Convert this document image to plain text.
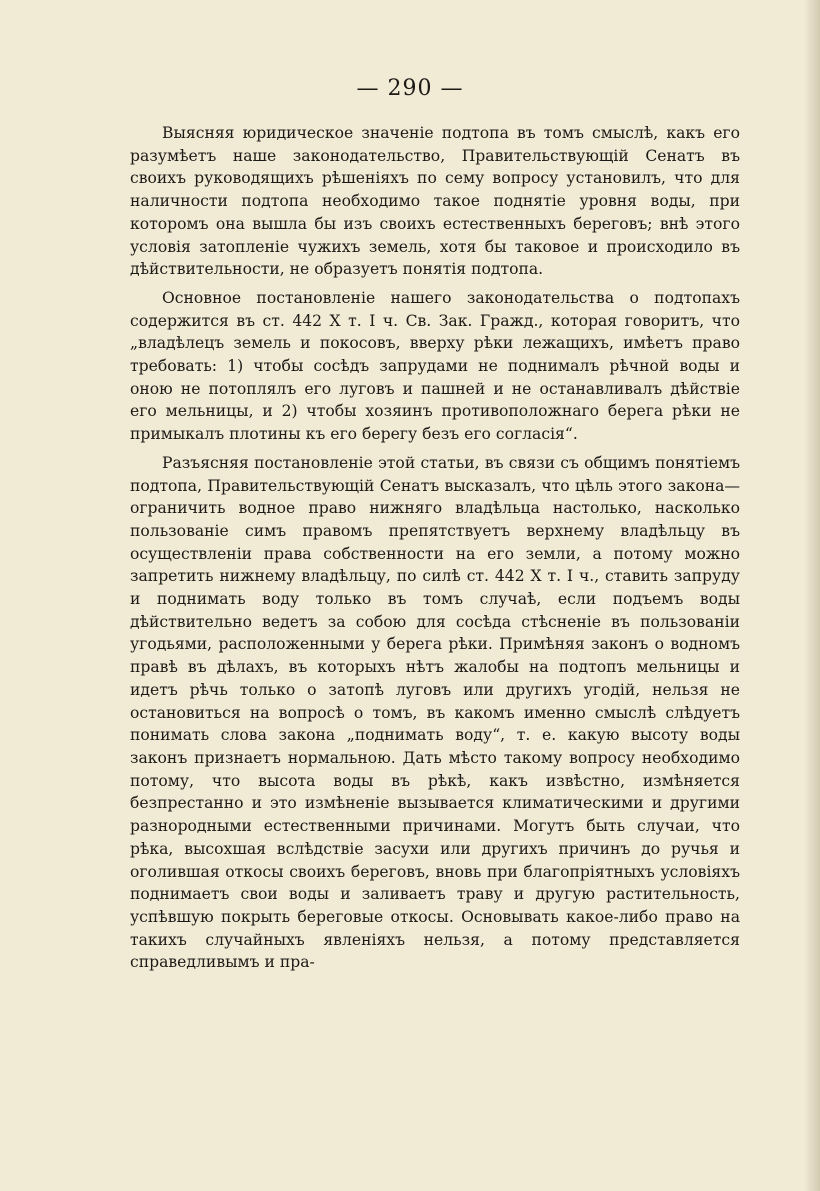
— 290 —

Выясняя юридическое значенiе подтопа въ томъ смыслѣ, какъ его разумѣетъ наше законодательство, Правительствующiй Сенатъ въ своихъ руководящихъ рѣшенiяхъ по сему вопросу установилъ, что для наличности подтопа необходимо такое поднятiе уровня воды, при которомъ она вышла бы изъ своихъ естественныхъ береговъ; внѣ этого условiя затопленiе чужихъ земель, хотя бы таковое и происходило въ дѣйствительности, не образуетъ понятiя подтопа.

Основное постановленiе нашего законодательства о подтопахъ содержится въ ст. 442 X т. I ч. Св. Зак. Гражд., которая говоритъ, что „владѣлецъ земель и покосовъ, вверху рѣки лежащихъ, имѣетъ право требовать: 1) чтобы сосѣдъ запрудами не поднималъ рѣчной воды и оною не потоплялъ его луговъ и пашней и не останавливалъ дѣйствiе его мельницы, и 2) чтобы хозяинъ противоположнаго берега рѣки не примыкалъ плотины къ его берегу безъ его согласiя“.

Разъясняя постановленiе этой статьи, въ связи съ общимъ понятiемъ подтопа, Правительствующiй Сенатъ высказалъ, что цѣль этого закона—ограничить водное право нижняго владѣльца настолько, насколько пользованiе симъ правомъ препятствуетъ верхнему владѣльцу въ осуществленiи права собственности на его земли, а потому можно запретить нижнему владѣльцу, по силѣ ст. 442 X т. I ч., ставить запруду и поднимать воду только въ томъ случаѣ, если подъемъ воды дѣйствительно ведетъ за собою для сосѣда стѣсненiе въ пользованiи угодьями, расположенными у берега рѣки. Примѣняя законъ о водномъ правѣ въ дѣлахъ, въ которыхъ нѣтъ жалобы на подтопъ мельницы и идетъ рѣчь только о затопѣ луговъ или другихъ угодiй, нельзя не остановиться на вопросѣ о томъ, въ какомъ именно смыслѣ слѣдуетъ понимать слова закона „поднимать воду“, т. е. какую высоту воды законъ признаетъ нормальною. Дать мѣсто такому вопросу необходимо потому, что высота воды въ рѣкѣ, какъ извѣстно, измѣняется безпрестанно и это измѣненiе вызывается климатическими и другими разнородными естественными причинами. Могутъ быть случаи, что рѣка, высохшая вслѣдствiе засухи или другихъ причинъ до ручья и оголившая откосы своихъ береговъ, вновь при благопрiятныхъ условiяхъ поднимаетъ свои воды и заливаетъ траву и другую растительность, успѣвшую покрыть береговые откосы. Основывать какое-либо право на такихъ случайныхъ явленiяхъ нельзя, а потому представляется справедливымъ и пра-
